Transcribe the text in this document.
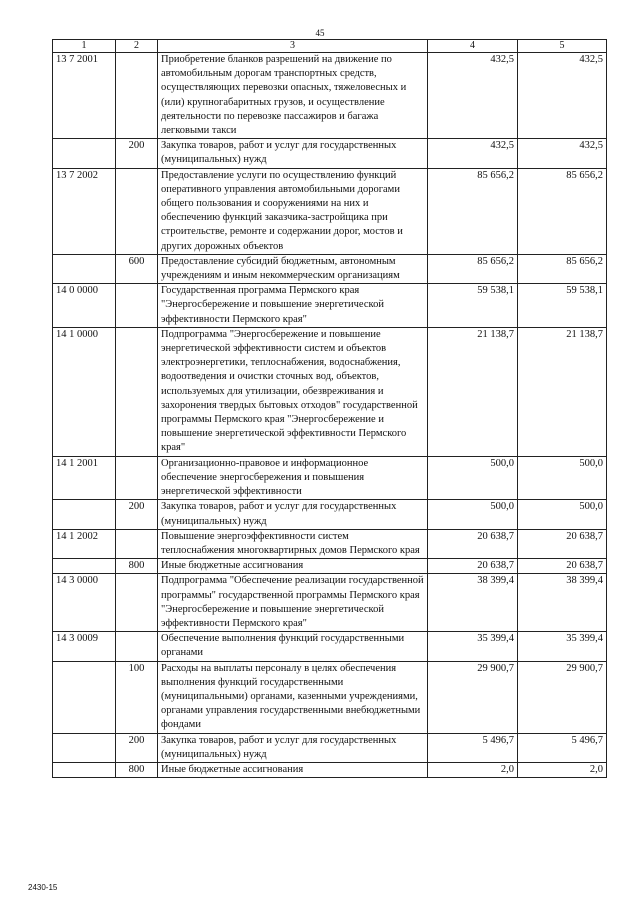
45
1	2	3	4	5
13 7 2001		Приобретение бланков разрешений на движение по автомобильным дорогам транспортных средств, осуществляющих перевозки опасных, тяжеловесных и (или) крупногабаритных грузов, и осуществление деятельности по перевозке пассажиров и багажа легковыми такси	432,5	432,5
	200	Закупка товаров, работ и услуг для государственных (муниципальных) нужд	432,5	432,5
13 7 2002		Предоставление услуги по осуществлению функций оперативного управления автомобильными дорогами общего пользования и сооружениями на них и обеспечению функций заказчика-застройщика при строительстве, ремонте и содержании дорог, мостов и других дорожных объектов	85 656,2	85 656,2
	600	Предоставление субсидий бюджетным, автономным учреждениям и иным некоммерческим организациям	85 656,2	85 656,2
14 0 0000		Государственная программа Пермского края "Энергосбережение и повышение энергетической эффективности Пермского края"	59 538,1	59 538,1
14 1 0000		Подпрограмма "Энергосбережение и повышение энергетической эффективности систем и объектов электроэнергетики, теплоснабжения, водоснабжения, водоотведения и очистки сточных вод, объектов, используемых для утилизации, обезвреживания и захоронения твердых бытовых отходов" государственной программы Пермского края "Энергосбережение и повышение энергетической эффективности Пермского края"	21 138,7	21 138,7
14 1 2001		Организационно-правовое и информационное обеспечение энергосбережения и повышения энергетической эффективности	500,0	500,0
	200	Закупка товаров, работ и услуг для государственных (муниципальных) нужд	500,0	500,0
14 1 2002		Повышение энергоэффективности систем теплоснабжения многоквартирных домов Пермского края	20 638,7	20 638,7
	800	Иные бюджетные ассигнования	20 638,7	20 638,7
14 3 0000		Подпрограмма "Обеспечение реализации государственной программы" государственной программы Пермского края "Энергосбережение и повышение энергетической эффективности Пермского края"	38 399,4	38 399,4
14 3 0009		Обеспечение выполнения функций государственными органами	35 399,4	35 399,4
	100	Расходы на выплаты персоналу в целях обеспечения выполнения функций государственными (муниципальными) органами, казенными учреждениями, органами управления государственными внебюджетными фондами	29 900,7	29 900,7
	200	Закупка товаров, работ и услуг для государственных (муниципальных) нужд	5 496,7	5 496,7
	800	Иные бюджетные ассигнования	2,0	2,0
2430-15
